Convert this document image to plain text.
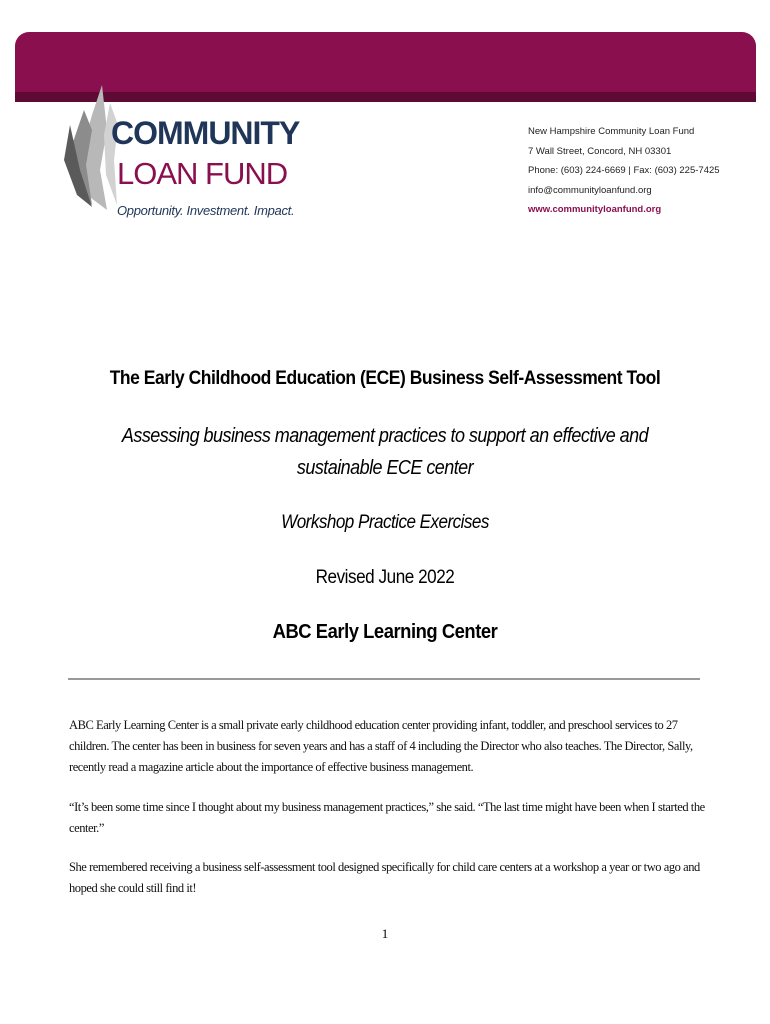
COMMUNITY
LOAN FUND
Opportunity. Investment. Impact.
New Hampshire Community Loan Fund
7 Wall Street, Concord, NH 03301
Phone: (603) 224-6669 | Fax: (603) 225-7425
info@communityloanfund.org
www.communityloanfund.org
The Early Childhood Education (ECE) Business Self-Assessment Tool
Assessing business management practices to support an effective and sustainable ECE center
Workshop Practice Exercises
Revised June 2022
ABC Early Learning Center
ABC Early Learning Center is a small private early childhood education center providing infant, toddler, and preschool services to 27 children. The center has been in business for seven years and has a staff of 4 including the Director who also teaches. The Director, Sally, recently read a magazine article about the importance of effective business management.
“It’s been some time since I thought about my business management practices,” she said. “The last time might have been when I started the center.”
She remembered receiving a business self-assessment tool designed specifically for child care centers at a workshop a year or two ago and hoped she could still find it!
1
